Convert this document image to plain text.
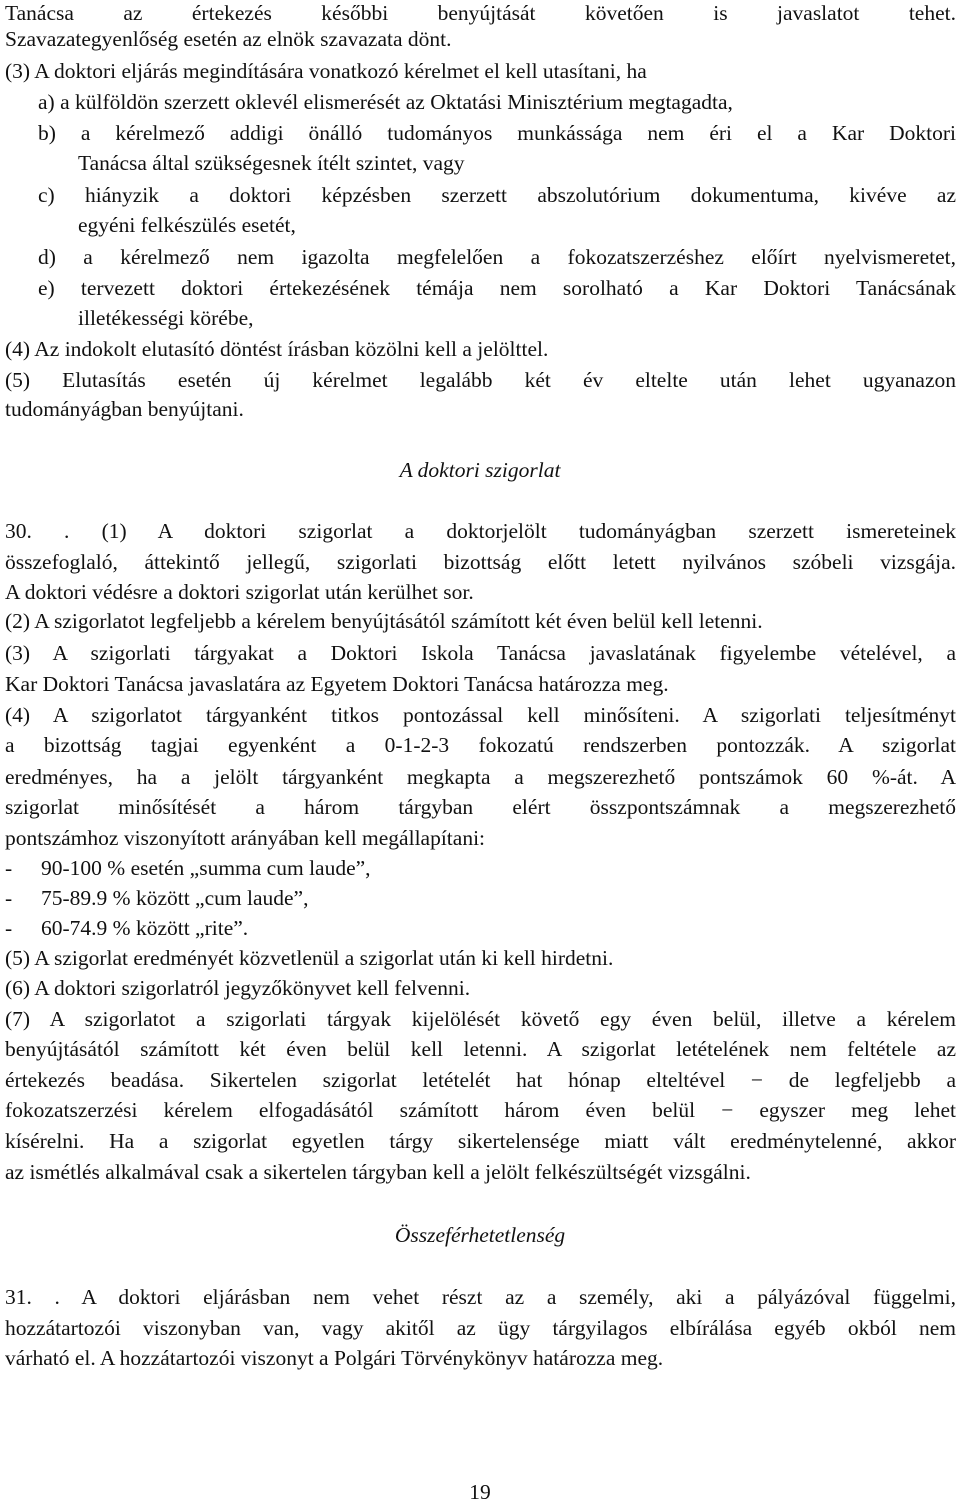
Tanácsa az értekezés későbbi benyújtását követően is javaslatot tehet.
Szavazategyenlőség esetén az elnök szavazata dönt.
(3) A doktori eljárás megindítására vonatkozó kérelmet el kell utasítani, ha
a) a külföldön szerzett oklevél elismerését az Oktatási Minisztérium megtagadta,
b) a kérelmező addigi önálló tudományos munkássága nem éri el a Kar Doktori
Tanácsa által szükségesnek ítélt szintet, vagy
c) hiányzik a doktori képzésben szerzett abszolutórium dokumentuma, kivéve az
egyéni felkészülés esetét,
d) a kérelmező nem igazolta megfelelően a fokozatszerzéshez előírt nyelvismeretet,
e) tervezett doktori értekezésének témája nem sorolható a Kar Doktori Tanácsának
illetékességi körébe,
(4) Az indokolt elutasító döntést írásban közölni kell a jelölttel.
(5) Elutasítás esetén új kérelmet legalább két év eltelte után lehet ugyanazon
tudományágban benyújtani.
A doktori szigorlat
30. . (1) A doktori szigorlat a doktorjelölt tudományágban szerzett ismereteinek
összefoglaló, áttekintő jellegű, szigorlati bizottság előtt letett nyilvános szóbeli vizsgája.
A doktori védésre a doktori szigorlat után kerülhet sor.
(2) A szigorlatot legfeljebb a kérelem benyújtásától számított két éven belül kell letenni.
(3) A szigorlati tárgyakat a Doktori Iskola Tanácsa javaslatának figyelembe vételével, a
Kar Doktori Tanácsa javaslatára az Egyetem Doktori Tanácsa határozza meg.
(4) A szigorlatot tárgyanként titkos pontozással kell minősíteni. A szigorlati teljesítményt
a bizottság tagjai egyenként a 0-1-2-3 fokozatú rendszerben pontozzák. A szigorlat
eredményes, ha a jelölt tárgyanként megkapta a megszerezhető pontszámok 60 %-át. A
szigorlat minősítését a három tárgyban elért összpontszámnak a megszerezhető
pontszámhoz viszonyított arányában kell megállapítani:
- 90-100 % esetén „summa cum laude”,
- 75-89.9 % között „cum laude”,
- 60-74.9 % között „rite”.
(5) A szigorlat eredményét közvetlenül a szigorlat után ki kell hirdetni.
(6) A doktori szigorlatról jegyzőkönyvet kell felvenni.
(7) A szigorlatot a szigorlati tárgyak kijelölését követő egy éven belül, illetve a kérelem
benyújtásától számított két éven belül kell letenni. A szigorlat letételének nem feltétele az
értekezés beadása. Sikertelen szigorlat letételét hat hónap elteltével − de legfeljebb a
fokozatszerzési kérelem elfogadásától számított három éven belül − egyszer meg lehet
kísérelni. Ha a szigorlat egyetlen tárgy sikertelensége miatt vált eredménytelenné, akkor
az ismétlés alkalmával csak a sikertelen tárgyban kell a jelölt felkészültségét vizsgálni.
Összeférhetetlenség
31. . A doktori eljárásban nem vehet részt az a személy, aki a pályázóval függelmi,
hozzátartozói viszonyban van, vagy akitől az ügy tárgyilagos elbírálása egyéb okból nem
várható el. A hozzátartozói viszonyt a Polgári Törvénykönyv határozza meg.
19
